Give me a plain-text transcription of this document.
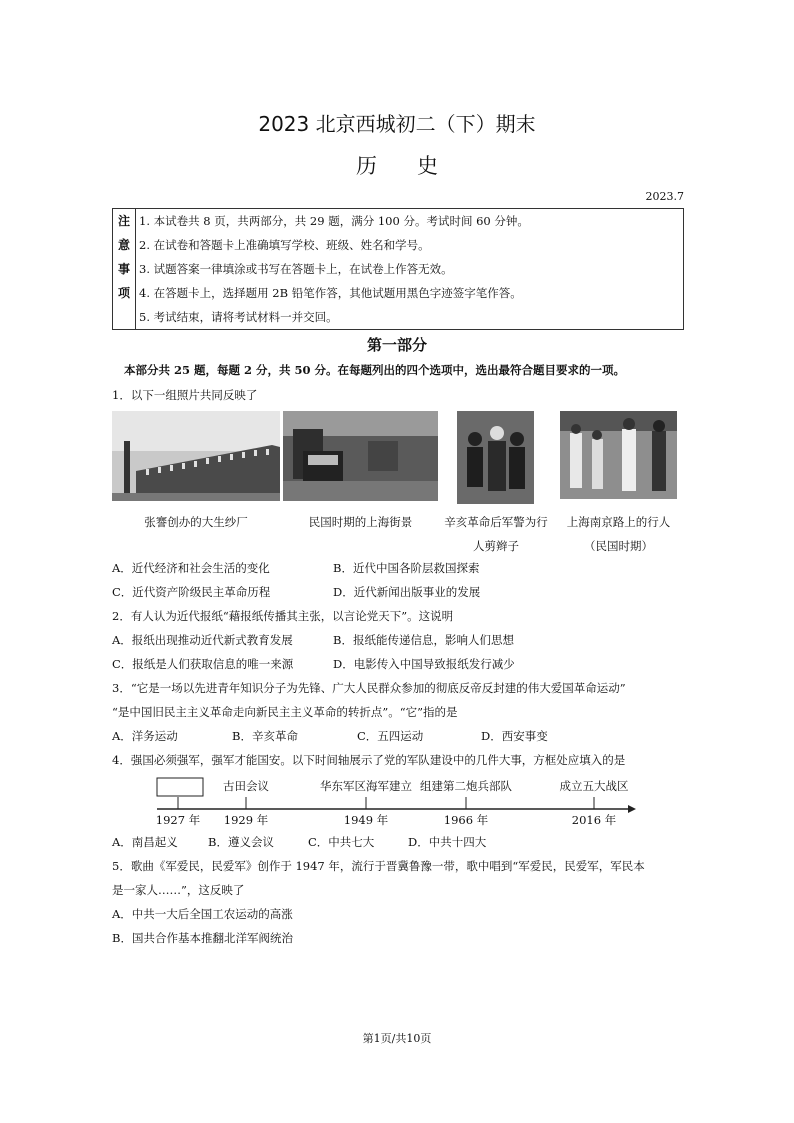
2023 北京西城初二（下）期末
历史
2023.7
注
意
事
项
1. 本试卷共 8 页，共两部分，共 29 题，满分 100 分。考试时间 60 分钟。
2. 在试卷和答题卡上准确填写学校、班级、姓名和学号。
3. 试题答案一律填涂或书写在答题卡上，在试卷上作答无效。
4. 在答题卡上，选择题用 2B 铅笔作答，其他试题用黑色字迹签字笔作答。
5. 考试结束，请将考试材料一并交回。
第一部分
本部分共 25 题，每题 2 分，共 50 分。在每题列出的四个选项中，选出最符合题目要求的一项。
1．以下一组照片共同反映了
张謇创办的大生纱厂	民国时期的上海街景	辛亥革命后军警为行
人剪辫子
上海南京路上的行人
（民国时期）
A．近代经济和社会生活的变化	B．近代中国各阶层救国探索
C．近代资产阶级民主革命历程	D．近代新闻出版事业的发展
2．有人认为近代报纸“藉报纸传播其主张，以言论党天下”。这说明
A．报纸出现推动近代新式教育发展	B．报纸能传递信息，影响人们思想
C．报纸是人们获取信息的唯一来源	D．电影传入中国导致报纸发行减少
3．“它是一场以先进青年知识分子为先锋、广大人民群众参加的彻底反帝反封建的伟大爱国革命运动”
“是中国旧民主主义革命走向新民主主义革命的转折点”。“它”指的是
A．洋务运动	B．辛亥革命	C．五四运动	D．西安事变
4．强国必须强军，强军才能国安。以下时间轴展示了党的军队建设中的几件大事，方框处应填入的是
古田会议	华东军区海军建立 组建第二炮兵部队	成立五大战区
1927 年 1929 年	1949 年	1966 年	2016 年
A．南昌起义	B．遵义会议	C．中共七大	D．中共十四大
5．歌曲《军爱民，民爱军》创作于 1947 年，流行于晋冀鲁豫一带，歌中唱到“军爱民，民爱军，军民本
是一家人……”，这反映了
A．中共一大后全国工农运动的高涨
B．国共合作基本推翻北洋军阀统治
第1页/共10页
